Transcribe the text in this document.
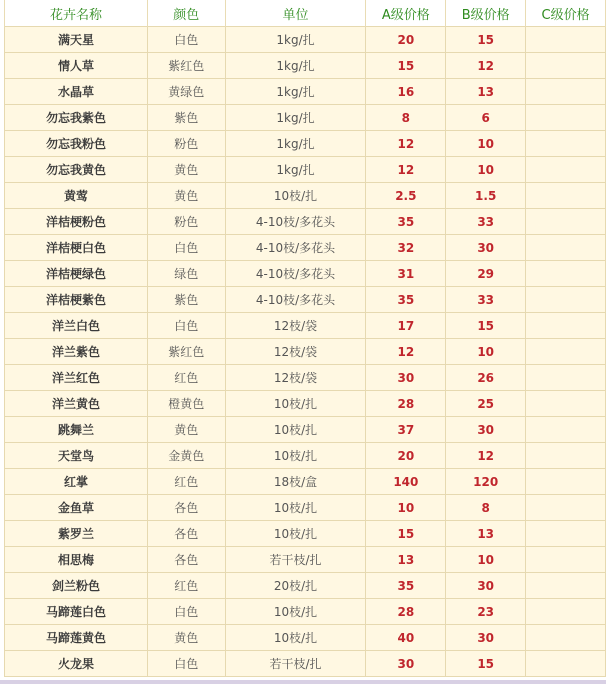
花卉名称	颜色	单位	A级价格	B级价格	C级价格
满天星	白色	1kg/扎	20	15	
情人草	紫红色	1kg/扎	15	12	
水晶草	黄绿色	1kg/扎	16	13	
勿忘我紫色	紫色	1kg/扎	8	6	
勿忘我粉色	粉色	1kg/扎	12	10	
勿忘我黄色	黄色	1kg/扎	12	10	
黄莺	黄色	10枝/扎	2.5	1.5	
洋桔梗粉色	粉色	4-10枝/多花头	35	33	
洋桔梗白色	白色	4-10枝/多花头	32	30	
洋桔梗绿色	绿色	4-10枝/多花头	31	29	
洋桔梗紫色	紫色	4-10枝/多花头	35	33	
洋兰白色	白色	12枝/袋	17	15	
洋兰紫色	紫红色	12枝/袋	12	10	
洋兰红色	红色	12枝/袋	30	26	
洋兰黄色	橙黄色	10枝/扎	28	25	
跳舞兰	黄色	10枝/扎	37	30	
天堂鸟	金黄色	10枝/扎	20	12	
红掌	红色	18枝/盒	140	120	
金鱼草	各色	10枝/扎	10	8	
紫罗兰	各色	10枝/扎	15	13	
相思梅	各色	若干枝/扎	13	10	
剑兰粉色	红色	20枝/扎	35	30	
马蹄莲白色	白色	10枝/扎	28	23	
马蹄莲黄色	黄色	10枝/扎	40	30	
火龙果	白色	若干枝/扎	30	15	
